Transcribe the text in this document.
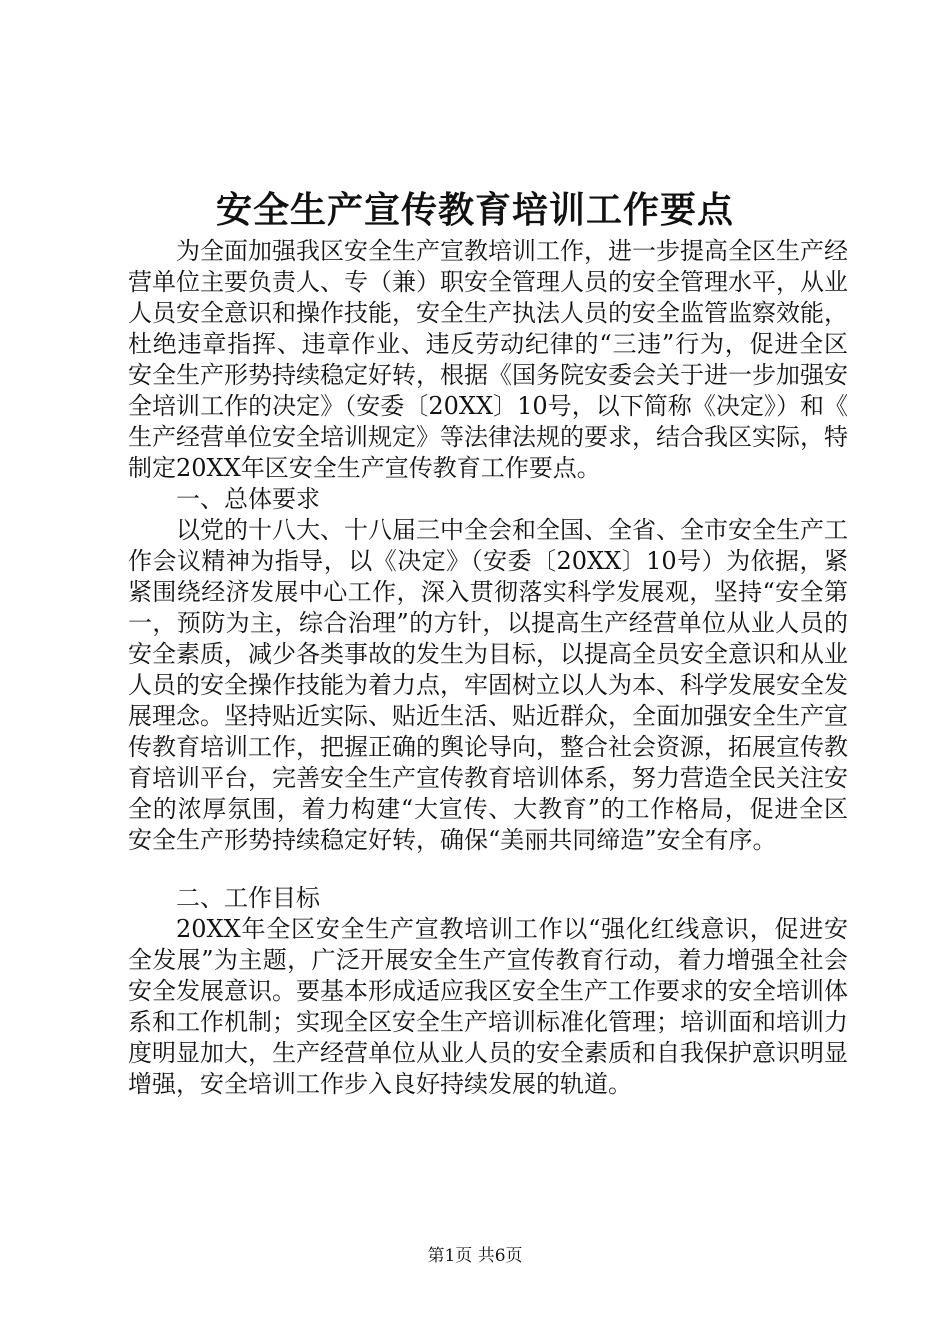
安全生产宣传教育培训工作要点

为全面加强我区安全生产宣教培训工作，进一步提高全区生产经营单位主要负责人、专（兼）职安全管理人员的安全管理水平，从业人员安全意识和操作技能，安全生产执法人员的安全监管监察效能，杜绝违章指挥、违章作业、违反劳动纪律的“三违”行为，促进全区安全生产形势持续稳定好转，根据《国务院安委会关于进一步加强安全培训工作的决定》（安委〔20XX〕10号，以下简称《决定》）和《生产经营单位安全培训规定》等法律法规的要求，结合我区实际，特制定20XX年区安全生产宣传教育工作要点。

一、总体要求

以党的十八大、十八届三中全会和全国、全省、全市安全生产工作会议精神为指导，以《决定》（安委〔20XX〕10号）为依据，紧紧围绕经济发展中心工作，深入贯彻落实科学发展观，坚持“安全第一，预防为主，综合治理”的方针，以提高生产经营单位从业人员的安全素质，减少各类事故的发生为目标，以提高全员安全意识和从业人员的安全操作技能为着力点，牢固树立以人为本、科学发展安全发展理念。坚持贴近实际、贴近生活、贴近群众，全面加强安全生产宣传教育培训工作，把握正确的舆论导向，整合社会资源，拓展宣传教育培训平台，完善安全生产宣传教育培训体系，努力营造全民关注安全的浓厚氛围，着力构建“大宣传、大教育”的工作格局，促进全区安全生产形势持续稳定好转，确保“美丽共同缔造”安全有序。

二、工作目标

20XX年全区安全生产宣教培训工作以“强化红线意识，促进安全发展”为主题，广泛开展安全生产宣传教育行动，着力增强全社会安全发展意识。要基本形成适应我区安全生产工作要求的安全培训体系和工作机制；实现全区安全生产培训标准化管理；培训面和培训力度明显加大，生产经营单位从业人员的安全素质和自我保护意识明显增强，安全培训工作步入良好持续发展的轨道。

第1页 共6页
